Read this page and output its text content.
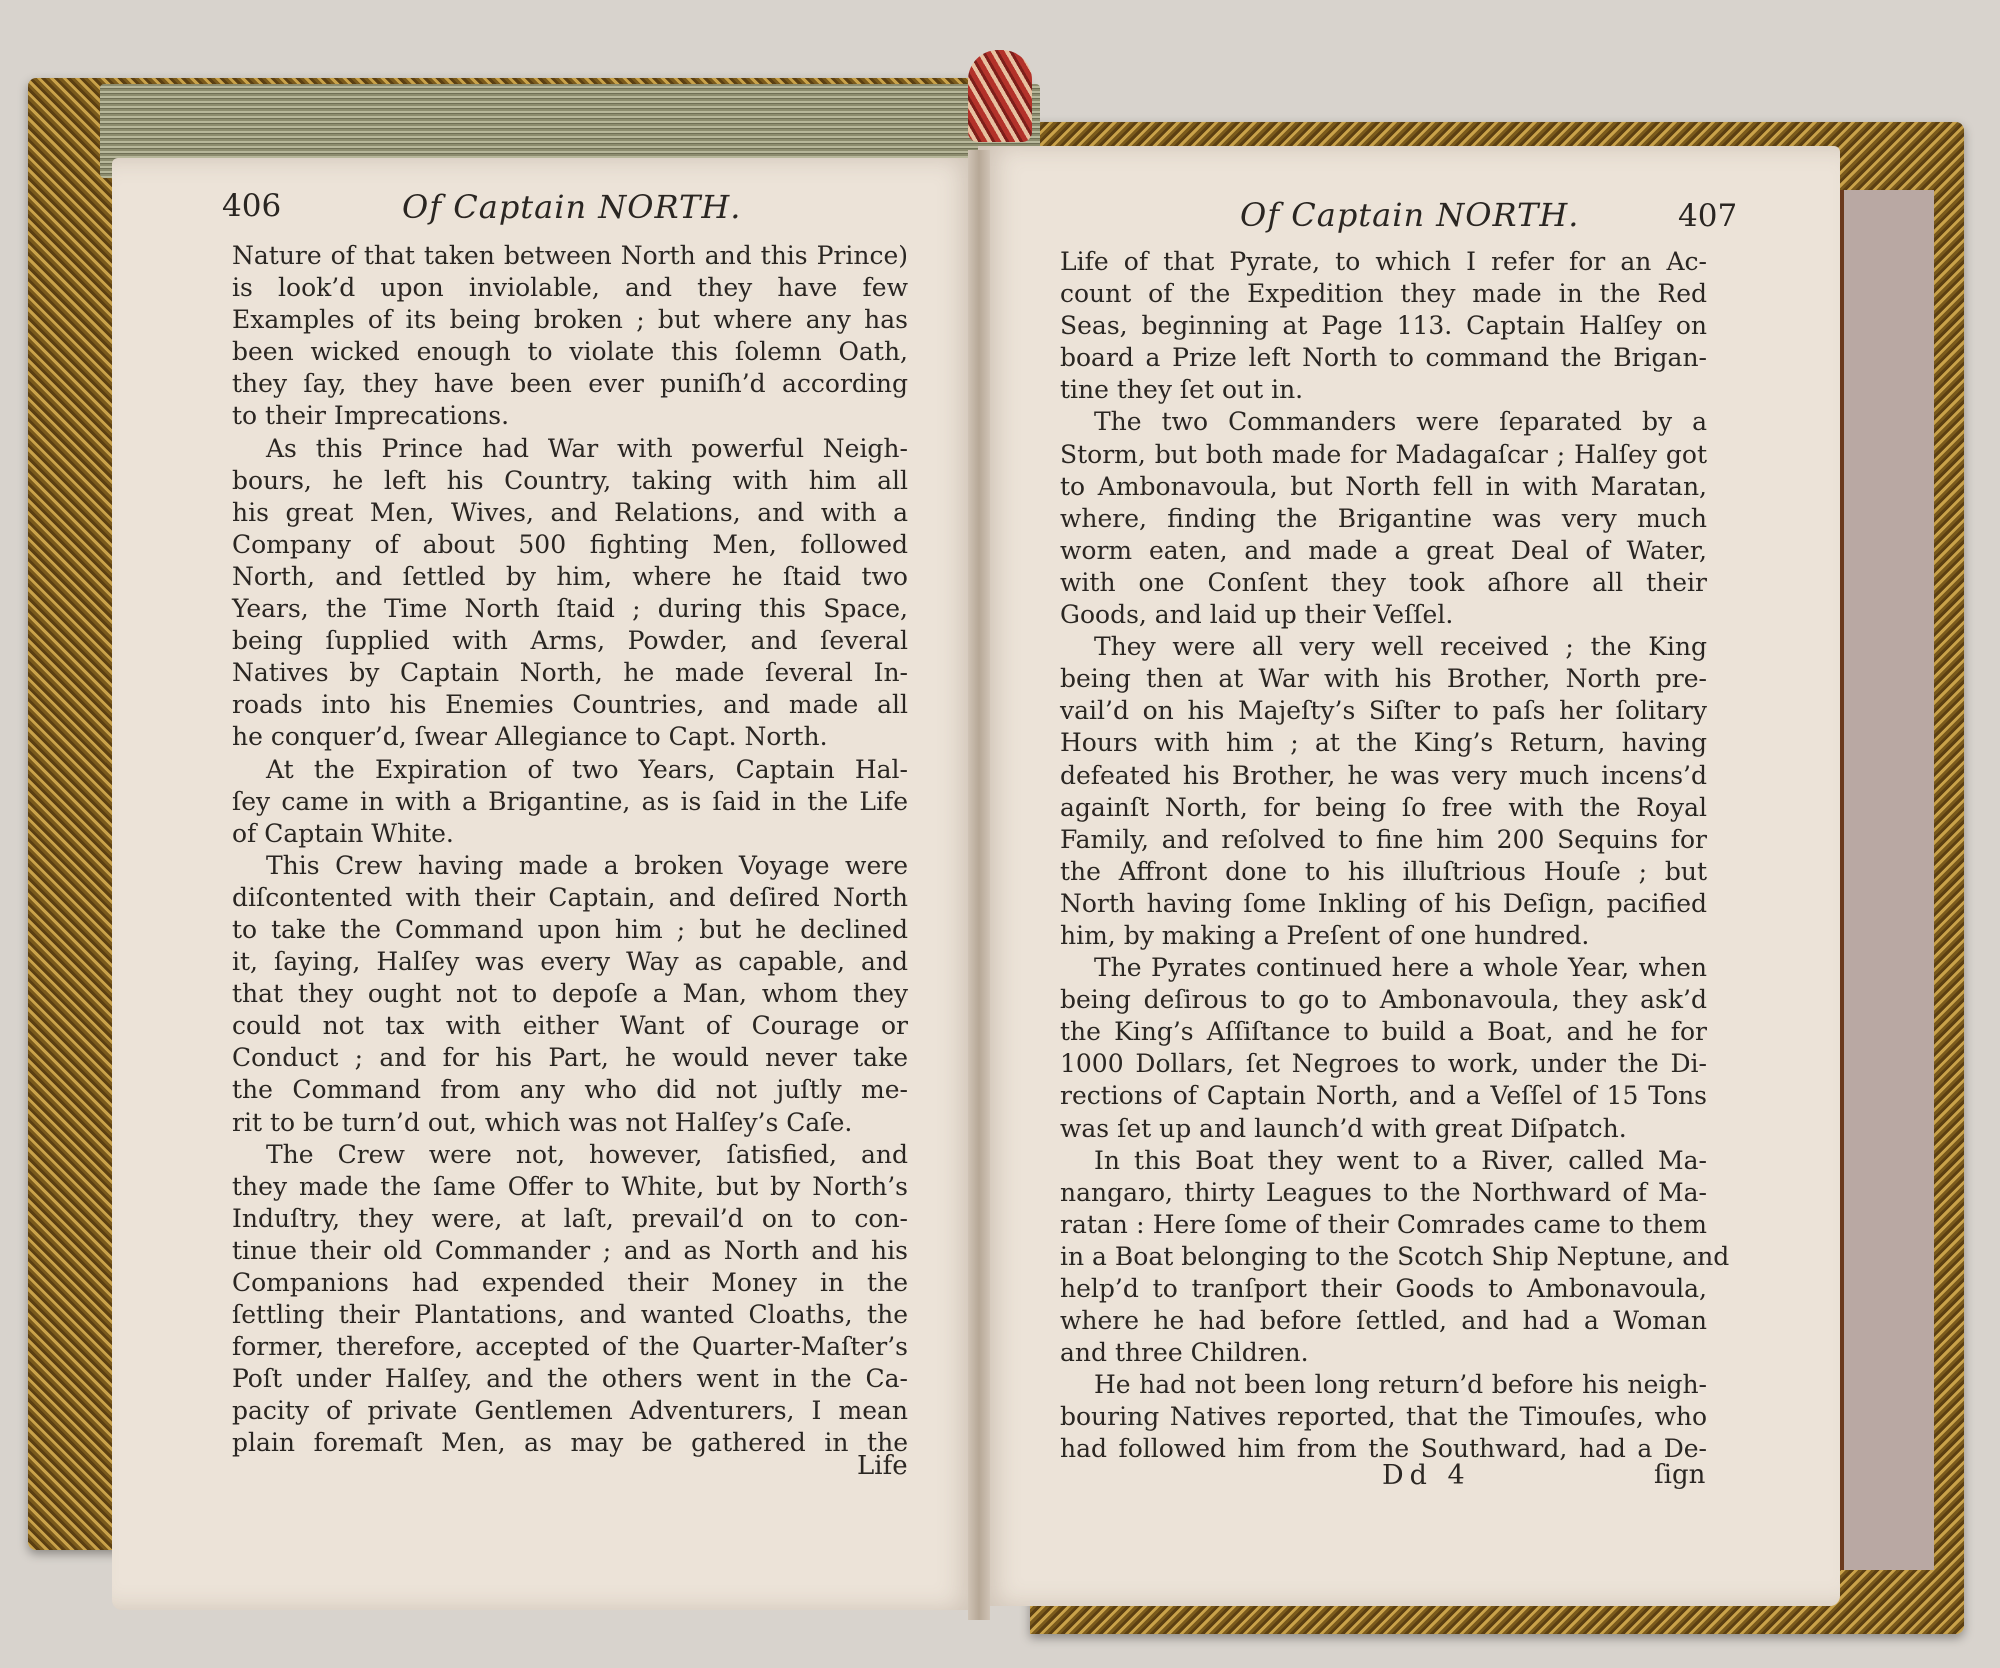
406	Of Captain NORTH.
Nature of that taken between North and this Prince)
is look’d upon inviolable, and they have few
Examples of its being broken ; but where any has
been wicked enough to violate this ſolemn Oath,
they ſay, they have been ever puniſh’d according
to their Imprecations.
As this Prince had War with powerful Neigh-
bours, he left his Country, taking with him all
his great Men, Wives, and Relations, and with a
Company of about 500 fighting Men, followed
North, and ſettled by him, where he ſtaid two
Years, the Time North ſtaid ; during this Space,
being ſupplied with Arms, Powder, and ſeveral
Natives by Captain North, he made ſeveral In-
roads into his Enemies Countries, and made all
he conquer’d, ſwear Allegiance to Capt. North.
At the Expiration of two Years, Captain Hal-
ſey came in with a Brigantine, as is ſaid in the Life
of Captain White.
This Crew having made a broken Voyage were
diſcontented with their Captain, and deſired North
to take the Command upon him ; but he declined
it, ſaying, Halſey was every Way as capable, and
that they ought not to depoſe a Man, whom they
could not tax with either Want of Courage or
Conduct ; and for his Part, he would never take
the Command from any who did not juſtly me-
rit to be turn’d out, which was not Halſey’s Caſe.
The Crew were not, however, ſatisfied, and
they made the ſame Offer to White, but by North’s
Induſtry, they were, at laſt, prevail’d on to con-
tinue their old Commander ; and as North and his
Companions had expended their Money in the
ſettling their Plantations, and wanted Cloaths, the
former, therefore, accepted of the Quarter-Maſter’s
Poſt under Halſey, and the others went in the Ca-
pacity of private Gentlemen Adventurers, I mean
plain foremaſt Men, as may be gathered in the
Life
Of Captain NORTH.	407
Life of that Pyrate, to which I refer for an Ac-
count of the Expedition they made in the Red
Seas, beginning at Page 113. Captain Halſey on
board a Prize left North to command the Brigan-
tine they ſet out in.
The two Commanders were ſeparated by a
Storm, but both made for Madagaſcar ; Halſey got
to Ambonavoula, but North fell in with Maratan,
where, finding the Brigantine was very much
worm eaten, and made a great Deal of Water,
with one Conſent they took aſhore all their
Goods, and laid up their Veſſel.
They were all very well received ; the King
being then at War with his Brother, North pre-
vail’d on his Majeſty’s Siſter to paſs her ſolitary
Hours with him ; at the King’s Return, having
defeated his Brother, he was very much incens’d
againſt North, for being ſo free with the Royal
Family, and reſolved to fine him 200 Sequins for
the Affront done to his illuſtrious Houſe ; but
North having ſome Inkling of his Deſign, pacified
him, by making a Preſent of one hundred.
The Pyrates continued here a whole Year, when
being deſirous to go to Ambonavoula, they ask’d
the King’s Aſſiſtance to build a Boat, and he for
1000 Dollars, ſet Negroes to work, under the Di-
rections of Captain North, and a Veſſel of 15 Tons
was ſet up and launch’d with great Diſpatch.
In this Boat they went to a River, called Ma-
nangaro, thirty Leagues to the Northward of Ma-
ratan : Here ſome of their Comrades came to them
in a Boat belonging to the Scotch Ship Neptune, and
help’d to tranſport their Goods to Ambonavoula,
where he had before ſettled, and had a Woman
and three Children.
He had not been long return’d before his neigh-
bouring Natives reported, that the Timouſes, who
had followed him from the Southward, had a De-
Dd 4	ſign
